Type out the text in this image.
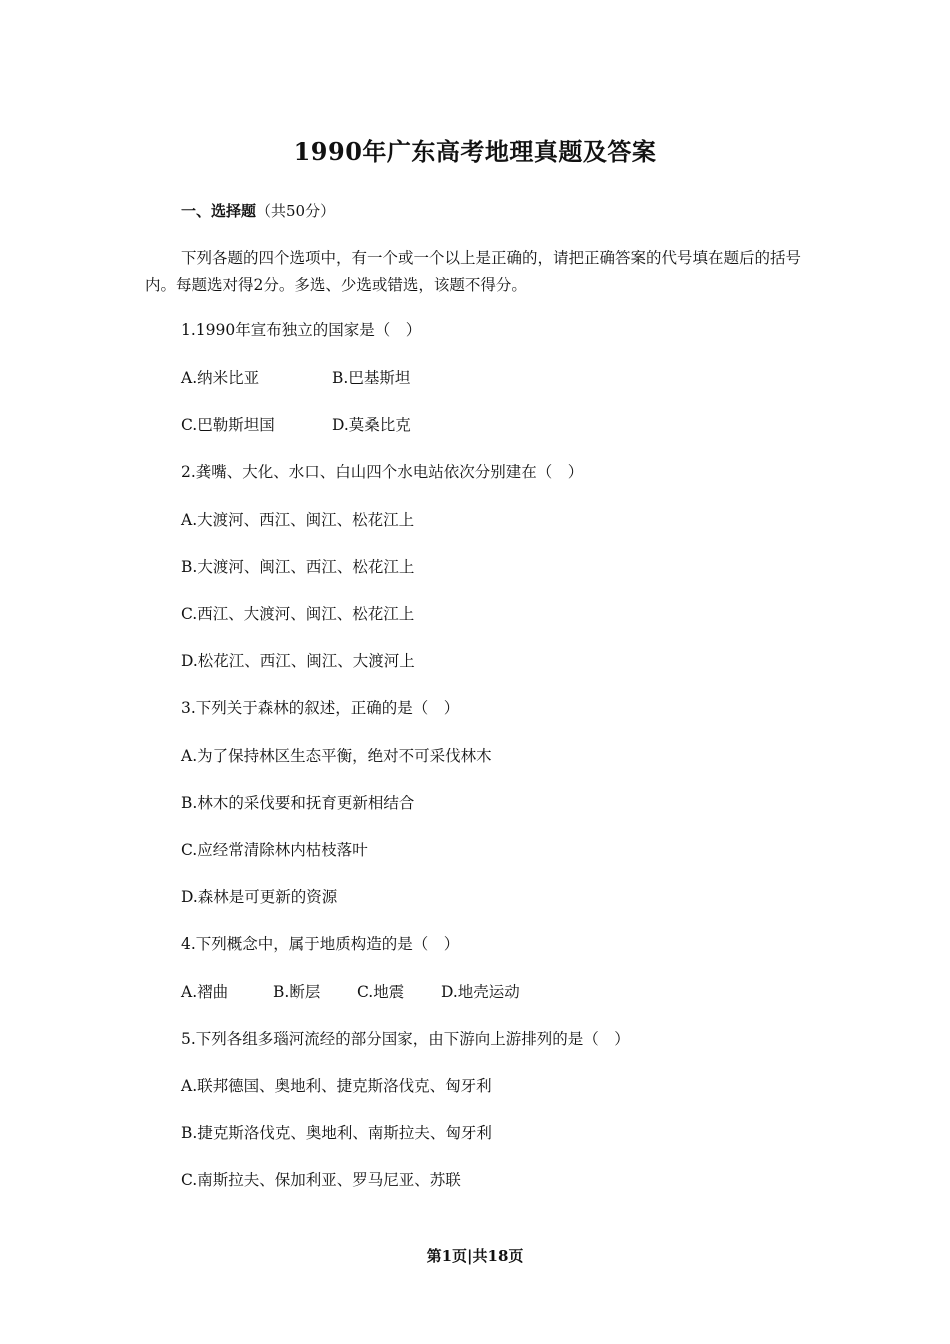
1990年广东高考地理真题及答案
一、选择题（共50分）
下列各题的四个选项中，有一个或一个以上是正确的，请把正确答案的代号填在题后的括号内。每题选对得2分。多选、少选或错选，该题不得分。
1.1990年宣布独立的国家是（　）
A.纳米比亚	B.巴基斯坦
C.巴勒斯坦国	D.莫桑比克
2.龚嘴、大化、水口、白山四个水电站依次分别建在（　）
A.大渡河、西江、闽江、松花江上
B.大渡河、闽江、西江、松花江上
C.西江、大渡河、闽江、松花江上
D.松花江、西江、闽江、大渡河上
3.下列关于森林的叙述，正确的是（　）
A.为了保持林区生态平衡，绝对不可采伐林木
B.林木的采伐要和抚育更新相结合
C.应经常清除林内枯枝落叶
D.森林是可更新的资源
4.下列概念中，属于地质构造的是（　）
A.褶曲	B.断层 C.地震 D.地壳运动
5.下列各组多瑙河流经的部分国家，由下游向上游排列的是（　）
A.联邦德国、奥地利、捷克斯洛伐克、匈牙利
B.捷克斯洛伐克、奥地利、南斯拉夫、匈牙利
C.南斯拉夫、保加利亚、罗马尼亚、苏联
第1页|共18页
